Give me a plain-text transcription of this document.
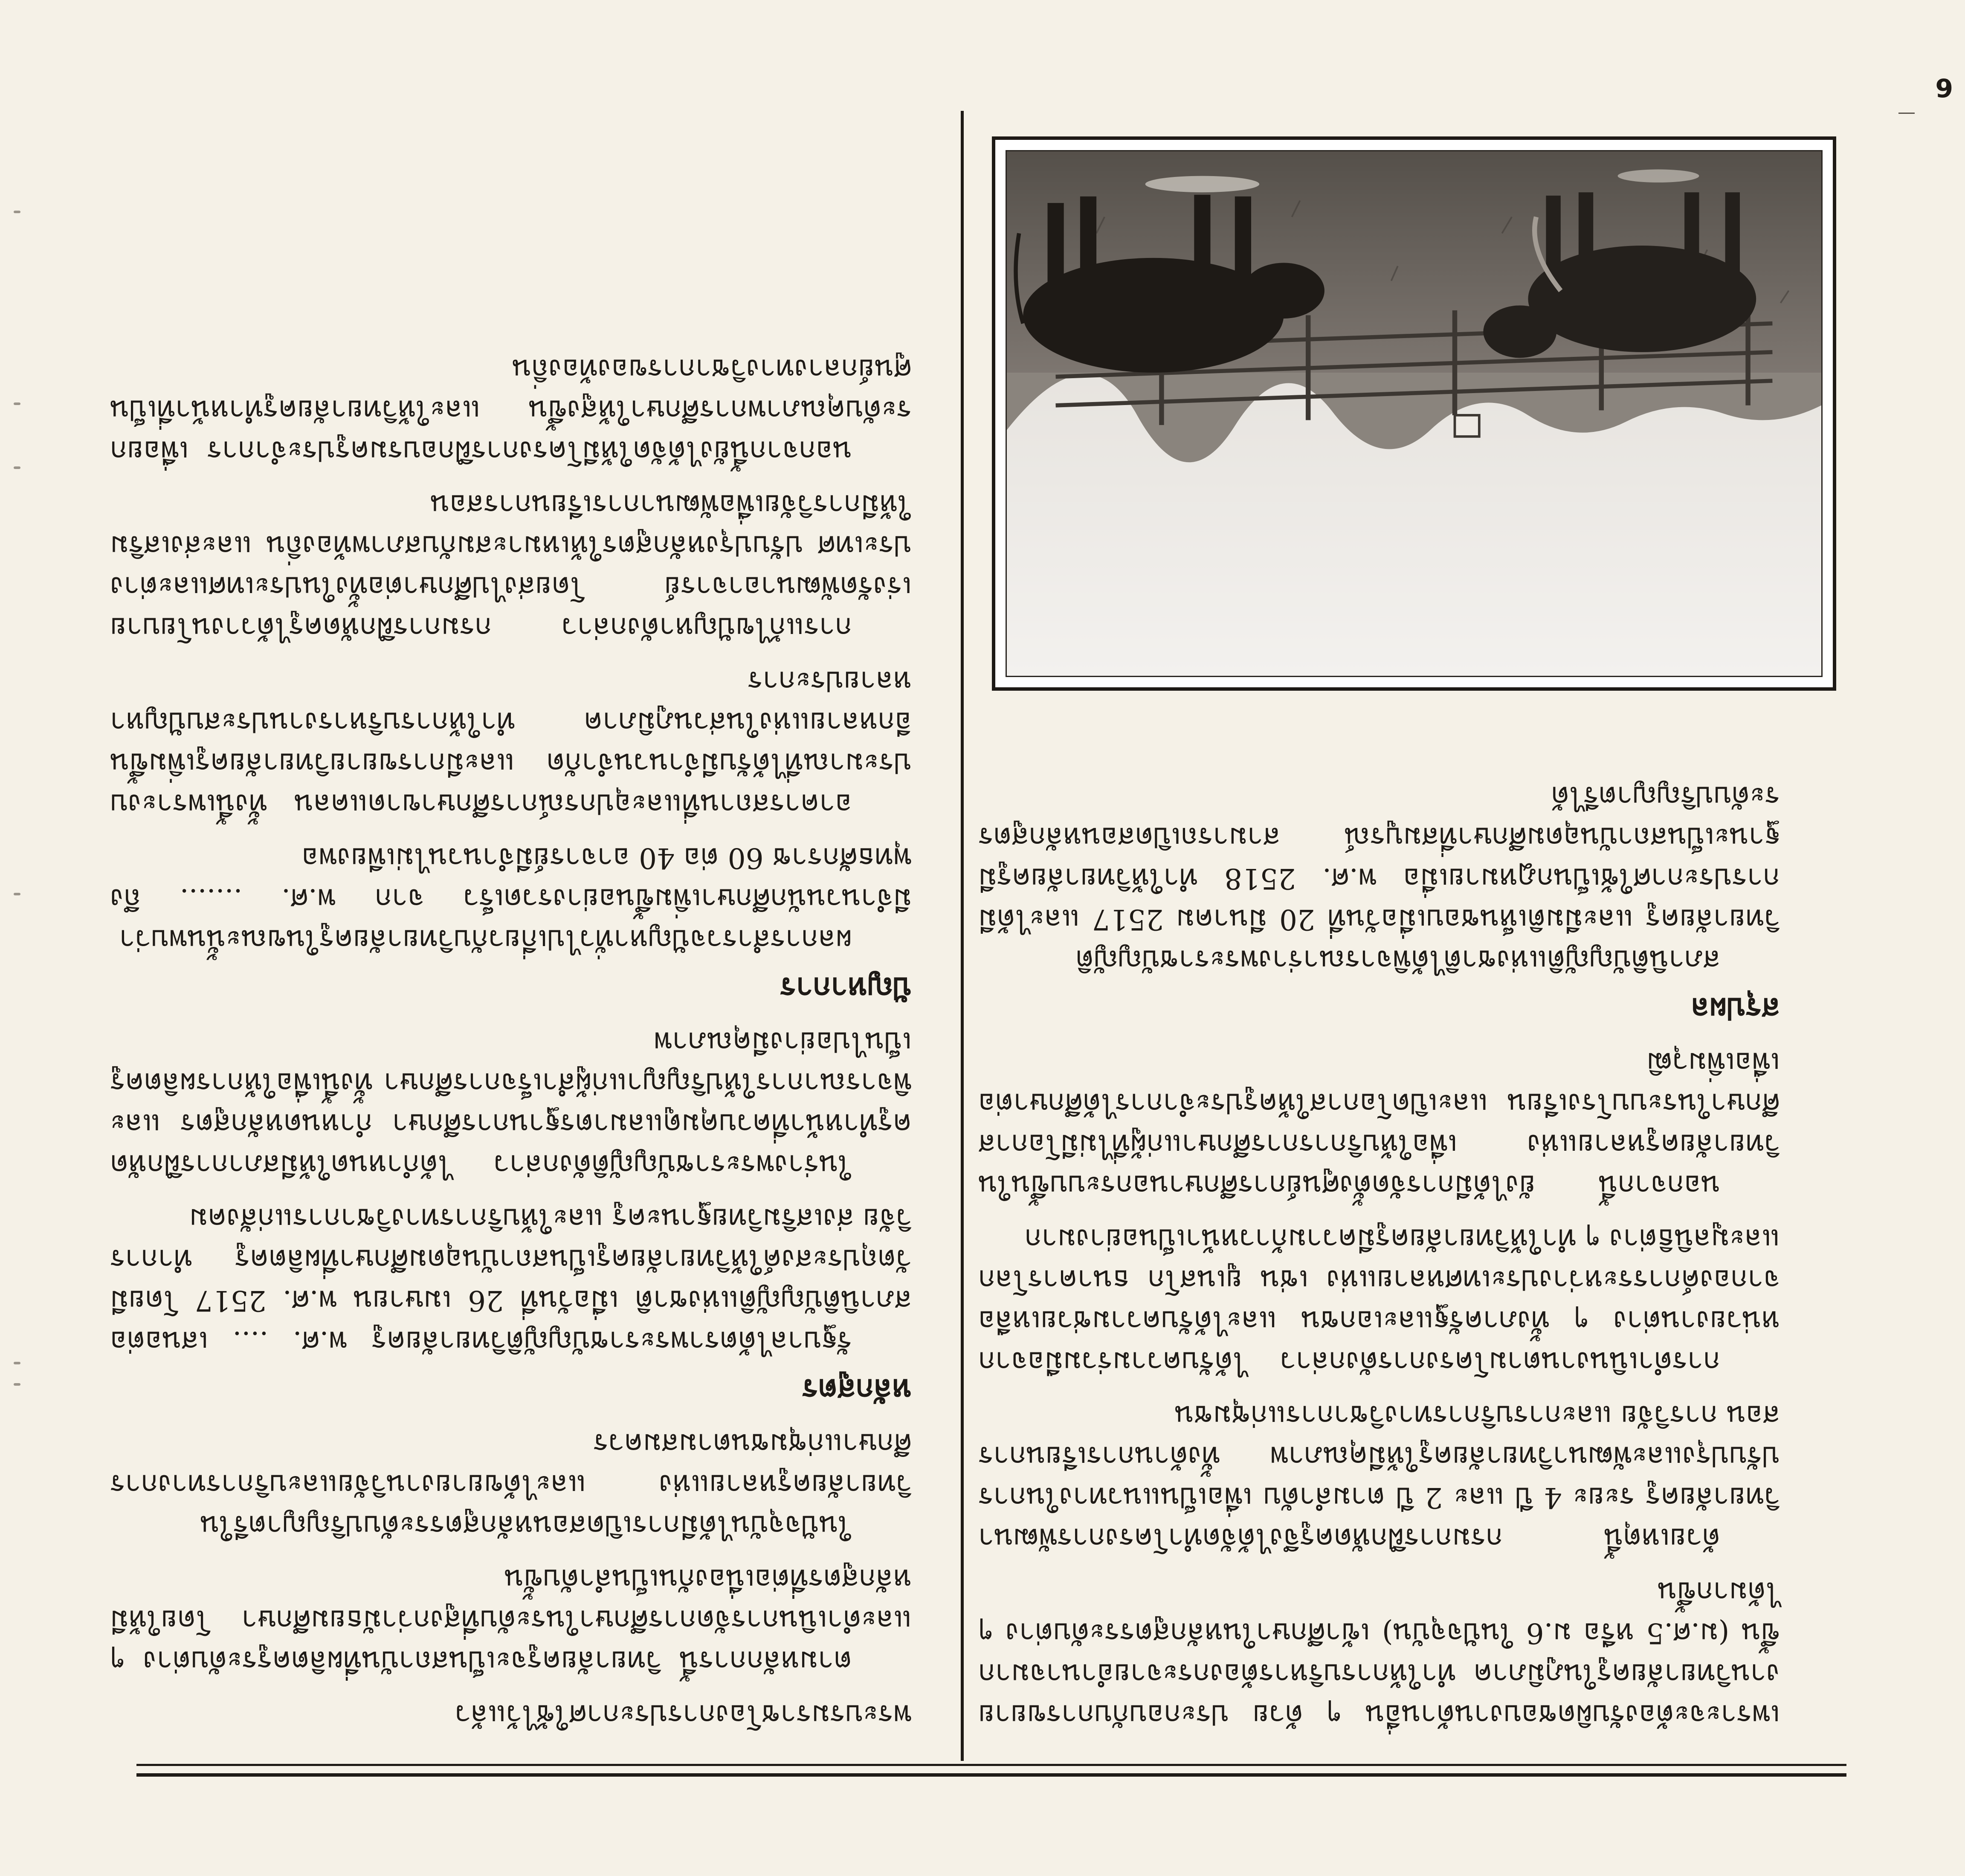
6

พระบรมราชโองการประกาศใช้ไว้แล้ว

ตามหลักการนี้ วิทยาลัยครูจะเป็นสถาบันที่ผลิตครูระดับต่าง ๆ และดำเนินการจัดการศึกษาในระดับที่สูงกว่ามัธยมศึกษา โดยให้มีหลักสูตรที่ต่อเนื่องกันเป็นลำดับขั้น

ในปัจจุบันได้มีการเปิดสอนหลักสูตรระดับปริญญาตรีในวิทยาลัยครูหลายแห่ง และได้ขยายงานวิจัยและบริการทางการศึกษาแก่ชุมชนตามสมควร

หลักสูตร

รัฐบาลได้ตราพระราชบัญญัติวิทยาลัยครู พ.ศ. .... เสนอต่อสภานิติบัญญัติแห่งชาติ เมื่อวันที่ 26 เมษายน พ.ศ. 2517 โดยมีวัตถุประสงค์ให้วิทยาลัยครูเป็นสถาบันอุดมศึกษาที่ผลิตครู ทำการวิจัย ส่งเสริมวิทยฐานะครู และให้บริการทางวิชาการแก่สังคม

ในร่างพระราชบัญญัติดังกล่าว ได้กำหนดให้มีสภาการฝึกหัดครูทำหน้าที่ควบคุมดูแลมาตรฐานการศึกษา กำหนดหลักสูตร และพิจารณาการให้ปริญญาแก่ผู้สำเร็จการศึกษา ทั้งนี้เพื่อให้การผลิตครูเป็นไปอย่างมีคุณภาพ

ปัญหาการ

ผลการสำรวจปัญหาทั่วไปเกี่ยวกับวิทยาลัยครูในขณะนั้นพบว่ามีจำนวนนักศึกษาเพิ่มขึ้นอย่างรวดเร็ว จาก พ.ศ. ....... ถึงพุทธศักราช 60 ต่อ 40 อาจารย์มีจำนวนไม่เพียงพอ

อาคารสถานที่และอุปกรณ์การศึกษาขาดแคลน ทั้งนี้เพราะงบประมาณที่ได้รับมีจำนวนจำกัด และมีการขยายวิทยาลัยครูเพิ่มขึ้นอีกหลายแห่งในส่วนภูมิภาค ทำให้การบริหารงานประสบปัญหาหลายประการ

การแก้ไขปัญหาดังกล่าว กรมการฝึกหัดครูได้วางนโยบายเร่งรัดพัฒนาอาจารย์ โดยส่งไปศึกษาต่อทั้งในประเทศและต่างประเทศ ปรับปรุงหลักสูตรให้เหมาะสมกับสภาพท้องถิ่น และส่งเสริมให้มีการวิจัยเพื่อพัฒนาการเรียนการสอน

นอกจากนี้ยังได้จัดให้มีโครงการฝึกอบรมครูประจำการ เพื่อยกระดับคุณภาพการศึกษาให้สูงขึ้น และให้วิทยาลัยครูทำหน้าที่เป็นศูนย์กลางทางวิชาการของท้องถิ่น

เพราะจะต้องรับผิดชอบงานด้านอื่น ๆ ด้วย ประกอบกับการขยายงานวิทยาลัยครูในภูมิภาค ทำให้การบริหารต้องกระจายอำนาจมากขึ้น (ม.ศ.5 หรือ ม.6 ในปัจจุบัน) เข้าศึกษาในหลักสูตรระดับต่าง ๆ ได้มากขึ้น

ด้วยเหตุนี้ กรมการฝึกหัดครูจึงได้จัดทำโครงการพัฒนาวิทยาลัยครู ระยะ 4 ปี และ 2 ปี ตามลำดับ เพื่อเป็นแนวทางในการปรับปรุงและพัฒนาวิทยาลัยครูให้มีคุณภาพ ทั้งด้านการเรียนการสอน การวิจัย และการบริการทางวิชาการแก่ชุมชน

การดำเนินงานตามโครงการดังกล่าว ได้รับความร่วมมือจากหน่วยงานต่าง ๆ ทั้งภาครัฐและเอกชน และได้รับความช่วยเหลือจากองค์การระหว่างประเทศหลายแห่ง เช่น ยูเนสโก ธนาคารโลก และมูลนิธิต่าง ๆ ทำให้วิทยาลัยครูมีความก้าวหน้าเป็นอย่างมาก

นอกจากนี้ ยังได้มีการจัดตั้งศูนย์การศึกษานอกระบบขึ้นในวิทยาลัยครูหลายแห่ง เพื่อให้บริการการศึกษาแก่ผู้ที่ไม่มีโอกาสศึกษาในระบบโรงเรียน และเปิดโอกาสให้ครูประจำการได้ศึกษาต่อเพื่อเพิ่มวุฒิ

สรุปผล

สภานิติบัญญัติแห่งชาติได้พิจารณาร่างพระราชบัญญัติวิทยาลัยครู และมีมติเห็นชอบเมื่อวันที่ 20 มีนาคม 2517 และได้มีการประกาศใช้เป็นกฎหมายเมื่อ พ.ศ. 2518 ทำให้วิทยาลัยครูมีฐานะเป็นสถาบันอุดมศึกษาที่สมบูรณ์ สามารถเปิดสอนหลักสูตรระดับปริญญาตรีได้
